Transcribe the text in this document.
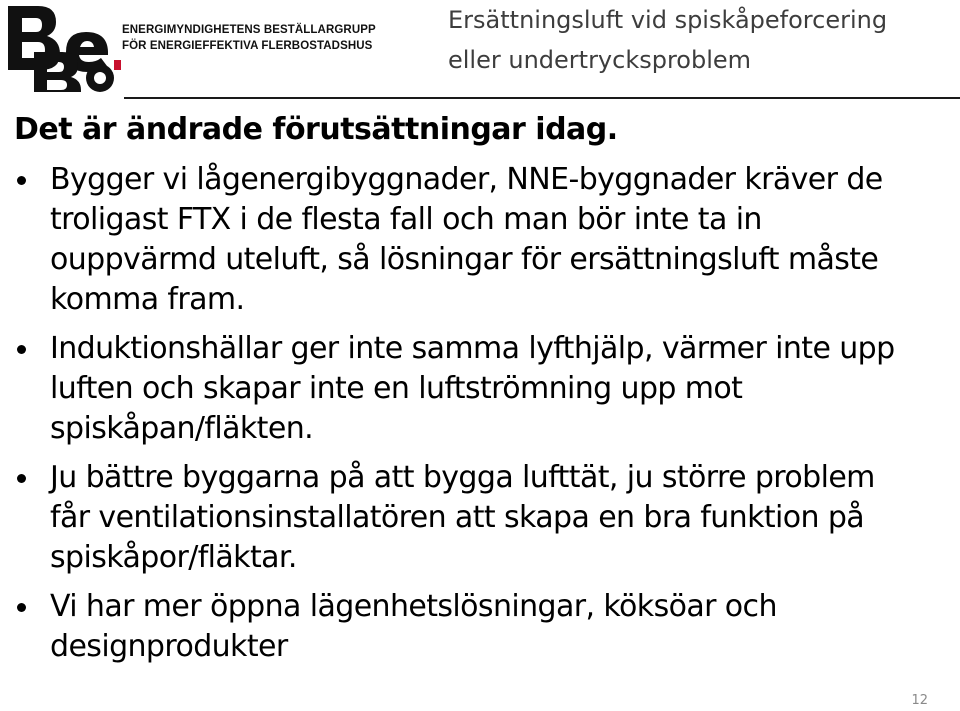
ENERGIMYNDIGHETENS BESTÄLLARGRUPP
FÖR ENERGIEFFEKTIVA FLERBOSTADSHUS
Ersättningsluft vid spiskåpeforcering
eller undertrycksproblem
Det är ändrade förutsättningar idag.
Bygger vi lågenergibyggnader, NNE-byggnader kräver de troligast FTX i de flesta fall och man bör inte ta in ouppvärmd uteluft, så lösningar för ersättningsluft måste komma fram.
Induktionshällar ger inte samma lyfthjälp, värmer inte upp luften och skapar inte en luftströmning upp mot spiskåpan/fläkten.
Ju bättre byggarna på att bygga lufttät, ju större problem får ventilationsinstallatören att skapa en bra funktion på spiskåpor/fläktar.
Vi har mer öppna lägenhetslösningar, köksöar och designprodukter
12
